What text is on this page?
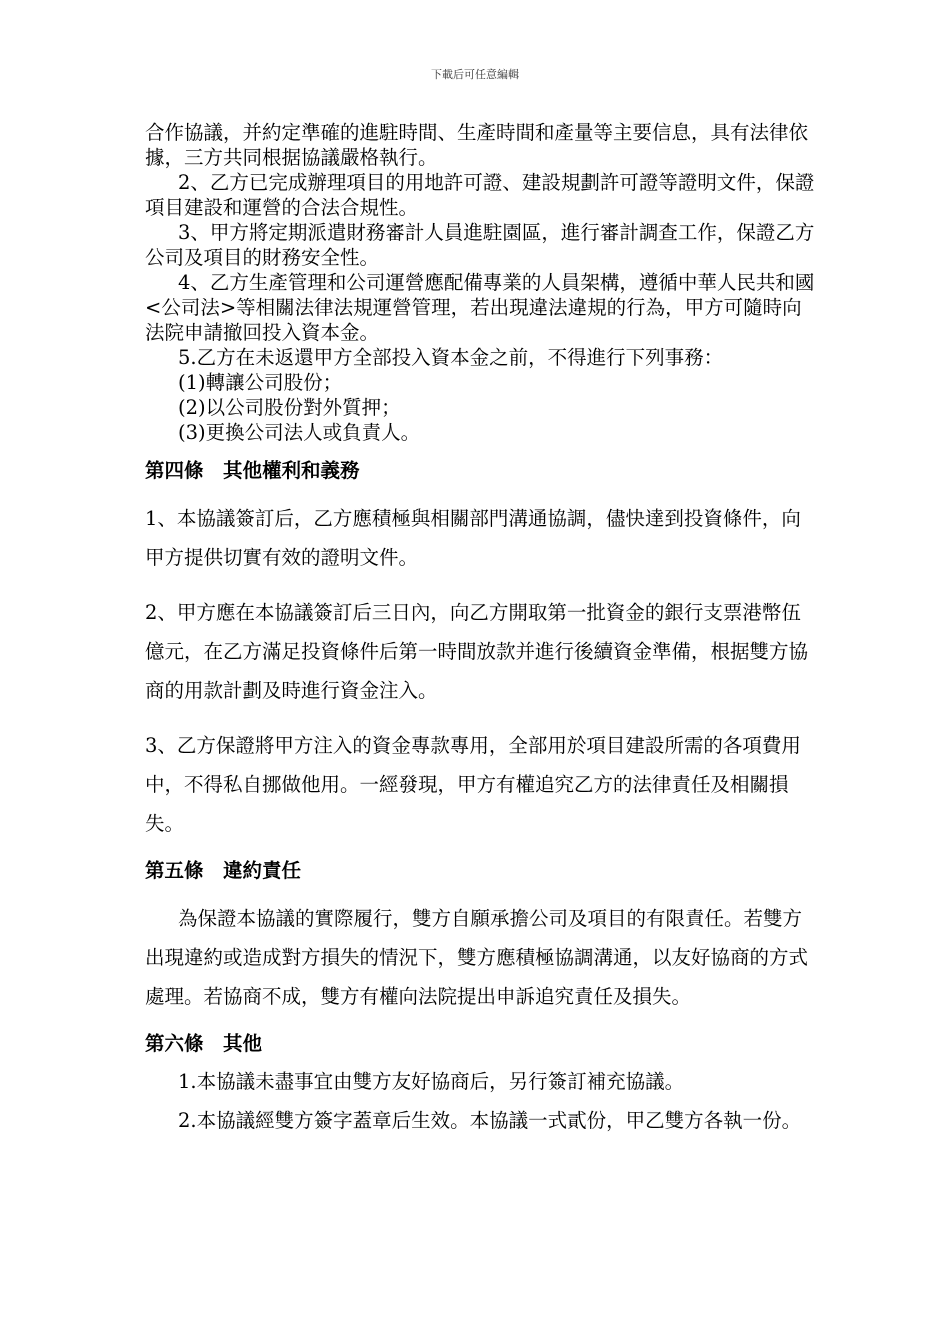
下載后可任意編輯

合作協議，并約定準確的進駐時間、生產時間和產量等主要信息，具有法律依據，三方共同根据協議嚴格執行。

2、乙方已完成辦理項目的用地許可證、建設規劃許可證等證明文件，保證項目建設和運營的合法合規性。

3、甲方將定期派遣財務審計人員進駐園區，進行審計調查工作，保證乙方公司及項目的財務安全性。

4、乙方生產管理和公司運營應配備專業的人員架構，遵循中華人民共和國<公司法>等相關法律法規運營管理，若出現違法違規的行為，甲方可隨時向法院申請撤回投入資本金。

5.乙方在未返還甲方全部投入資本金之前，不得進行下列事務：

(1)轉讓公司股份；

(2)以公司股份對外質押；

(3)更換公司法人或負責人。

第四條　其他權利和義務

1、本協議簽訂后，乙方應積極與相關部門溝通協調，儘快達到投資條件，向甲方提供切實有效的證明文件。

2、甲方應在本協議簽訂后三日內，向乙方開取第一批資金的銀行支票港幣伍億元，在乙方滿足投資條件后第一時間放款并進行後續資金準備，根据雙方協商的用款計劃及時進行資金注入。

3、乙方保證將甲方注入的資金專款專用，全部用於項目建設所需的各項費用中，不得私自挪做他用。一經發現，甲方有權追究乙方的法律責任及相關損失。

第五條　違約責任

為保證本協議的實際履行，雙方自願承擔公司及項目的有限責任。若雙方出現違約或造成對方損失的情況下，雙方應積極協調溝通，以友好協商的方式處理。若協商不成，雙方有權向法院提出申訴追究責任及損失。

第六條　其他

1.本協議未盡事宜由雙方友好協商后，另行簽訂補充協議。

2.本協議經雙方簽字蓋章后生效。本協議一式貳份，甲乙雙方各執一份。
